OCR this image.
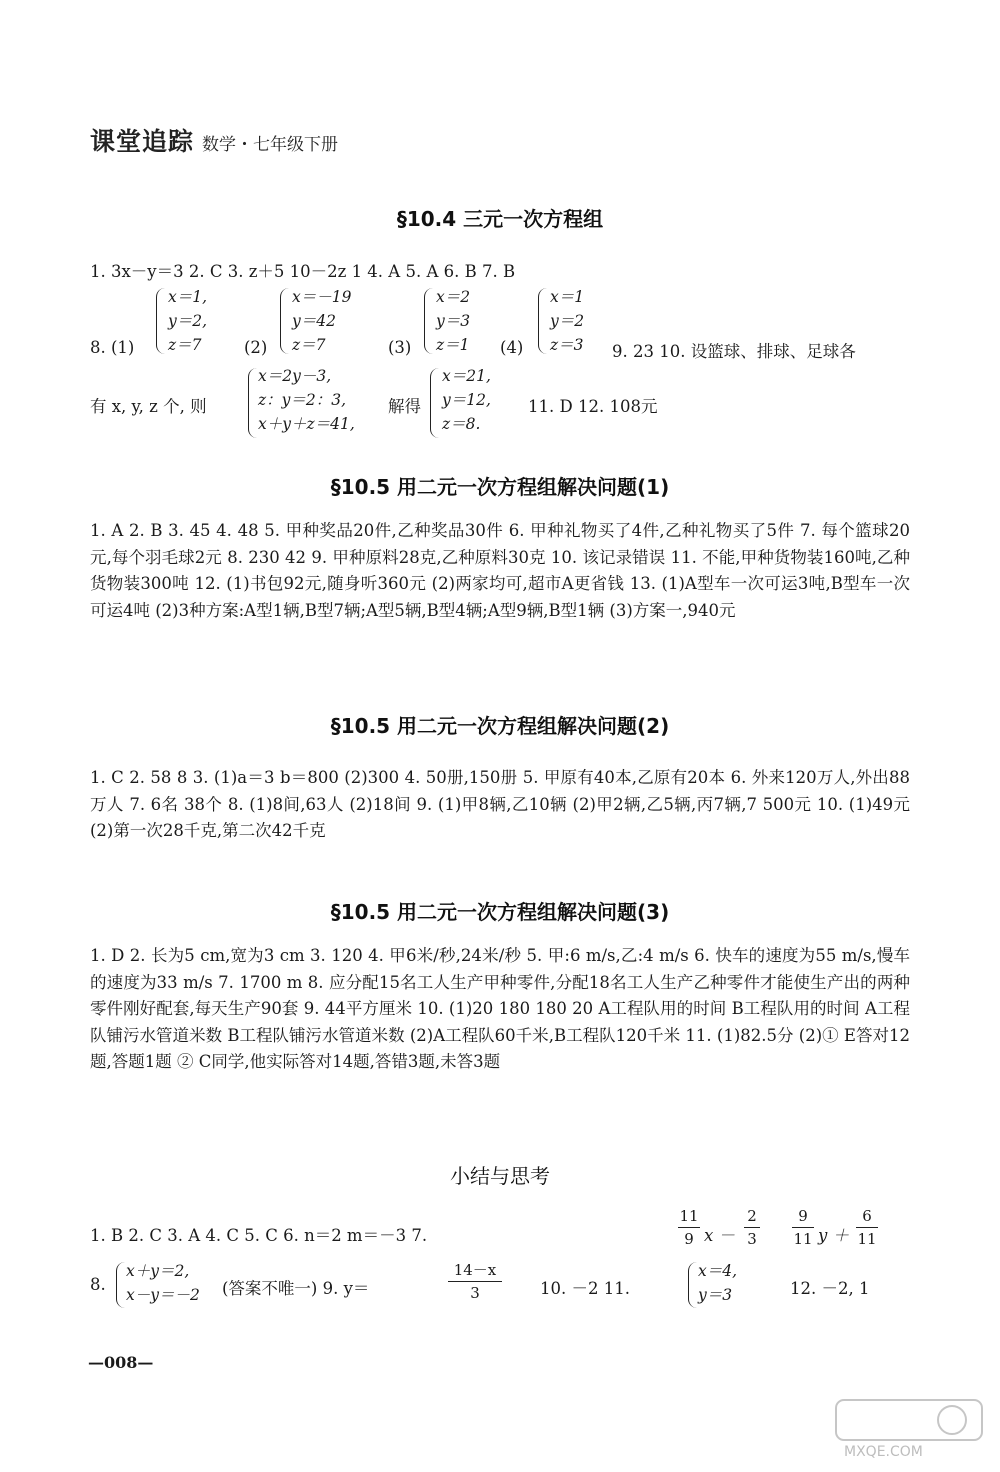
课堂追踪 数学・七年级下册
§10.4 三元一次方程组
1. 3x－y＝3 2. C 3. z＋5 10－2z 1 4. A 5. A 6. B 7. B
8. (1)
x＝1,
y＝2,
z＝7	(2)
x＝－19
y＝42
z＝7	(3)
x＝2
y＝3
z＝1 (4)
x＝1
y＝2
z＝3 9. 23 10. 设篮球、排球、足球各
有 x, y, z 个, 则
x＝2y－3,
z：y＝2：3,
x＋y＋z＝41,
解得
x＝21,
y＝12,
z＝8.
11. D 12. 108元
§10.5 用二元一次方程组解决问题(1)
1. A 2. B 3. 45 4. 48 5. 甲种奖品20件,乙种奖品30件 6. 甲种礼物买了4件,乙种礼物买了5件 7. 每个篮球20元,每个羽毛球2元 8. 230 42 9. 甲种原料28克,乙种原料30克 10. 该记录错误 11. 不能,甲种货物装160吨,乙种货物装300吨 12. (1)书包92元,随身听360元 (2)两家均可,超市A更省钱 13. (1)A型车一次可运3吨,B型车一次可运4吨 (2)3种方案:A型1辆,B型7辆;A型5辆,B型4辆;A型9辆,B型1辆 (3)方案一,940元
§10.5 用二元一次方程组解决问题(2)
1. C 2. 58 8 3. (1)a＝3 b＝800 (2)300 4. 50册,150册 5. 甲原有40本,乙原有20本 6. 外来120万人,外出88万人 7. 6名 38个 8. (1)8间,63人 (2)18间 9. (1)甲8辆,乙10辆 (2)甲2辆,乙5辆,丙7辆,7 500元 10. (1)49元 (2)第一次28千克,第二次42千克
§10.5 用二元一次方程组解决问题(3)
1. D 2. 长为5 cm,宽为3 cm 3. 120 4. 甲6米/秒,24米/秒 5. 甲:6 m/s,乙:4 m/s 6. 快车的速度为55 m/s,慢车的速度为33 m/s 7. 1700 m 8. 应分配15名工人生产甲种零件,分配18名工人生产乙种零件才能使生产出的两种零件刚好配套,每天生产90套 9. 44平方厘米 10. (1)20 180 180 20 A工程队用的时间 B工程队用的时间 A工程队铺污水管道米数 B工程队铺污水管道米数 (2)A工程队60千米,B工程队120千米 11. (1)82.5分 (2)① E答对12题,答题1题 ② C同学,他实际答对14题,答错3题,未答3题
小结与思考
1. B 2. C 3. A 4. C 5. C 6. n＝2 m＝－3 7.
11
9 x －
2
3
9
11 y ＋
6
11
8.
x＋y＝2,
x－y＝－2 (答案不唯一) 9. y＝
14－x
3	10. －2 11.
x＝4,
y＝3	12. －2, 1
—008—
MXQE.COM
